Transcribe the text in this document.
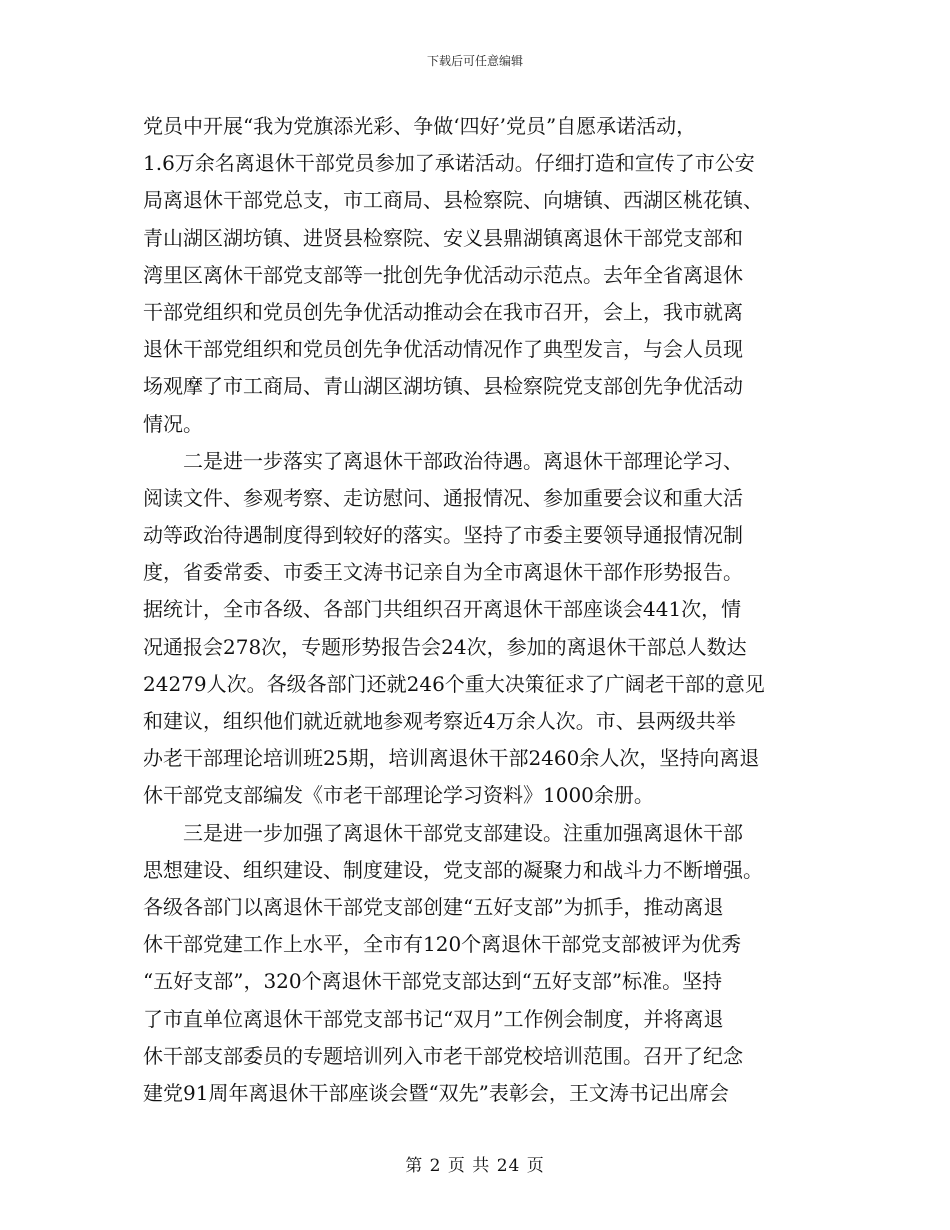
下载后可任意编辑
党员中开展“我为党旗添光彩、争做‘四好’党员”自愿承诺活动，
1.6万余名离退休干部党员参加了承诺活动。仔细打造和宣传了市公安
局离退休干部党总支，市工商局、县检察院、向塘镇、西湖区桃花镇、
青山湖区湖坊镇、进贤县检察院、安义县鼎湖镇离退休干部党支部和
湾里区离休干部党支部等一批创先争优活动示范点。去年全省离退休
干部党组织和党员创先争优活动推动会在我市召开，会上，我市就离
退休干部党组织和党员创先争优活动情况作了典型发言，与会人员现
场观摩了市工商局、青山湖区湖坊镇、县检察院党支部创先争优活动
情况。
　　二是进一步落实了离退休干部政治待遇。离退休干部理论学习、
阅读文件、参观考察、走访慰问、通报情况、参加重要会议和重大活
动等政治待遇制度得到较好的落实。坚持了市委主要领导通报情况制
度，省委常委、市委王文涛书记亲自为全市离退休干部作形势报告。
据统计，全市各级、各部门共组织召开离退休干部座谈会441次，情
况通报会278次，专题形势报告会24次，参加的离退休干部总人数达
24279人次。各级各部门还就246个重大决策征求了广阔老干部的意见
和建议，组织他们就近就地参观考察近4万余人次。市、县两级共举
办老干部理论培训班25期，培训离退休干部2460余人次，坚持向离退
休干部党支部编发《市老干部理论学习资料》1000余册。
　　三是进一步加强了离退休干部党支部建设。注重加强离退休干部
思想建设、组织建设、制度建设，党支部的凝聚力和战斗力不断增强。
各级各部门以离退休干部党支部创建“五好支部”为抓手，推动离退
休干部党建工作上水平，全市有120个离退休干部党支部被评为优秀
“五好支部”，320个离退休干部党支部达到“五好支部”标准。坚持
了市直单位离退休干部党支部书记“双月”工作例会制度，并将离退
休干部支部委员的专题培训列入市老干部党校培训范围。召开了纪念
建党91周年离退休干部座谈会暨“双先”表彰会，王文涛书记出席会
第 2 页 共 24 页
